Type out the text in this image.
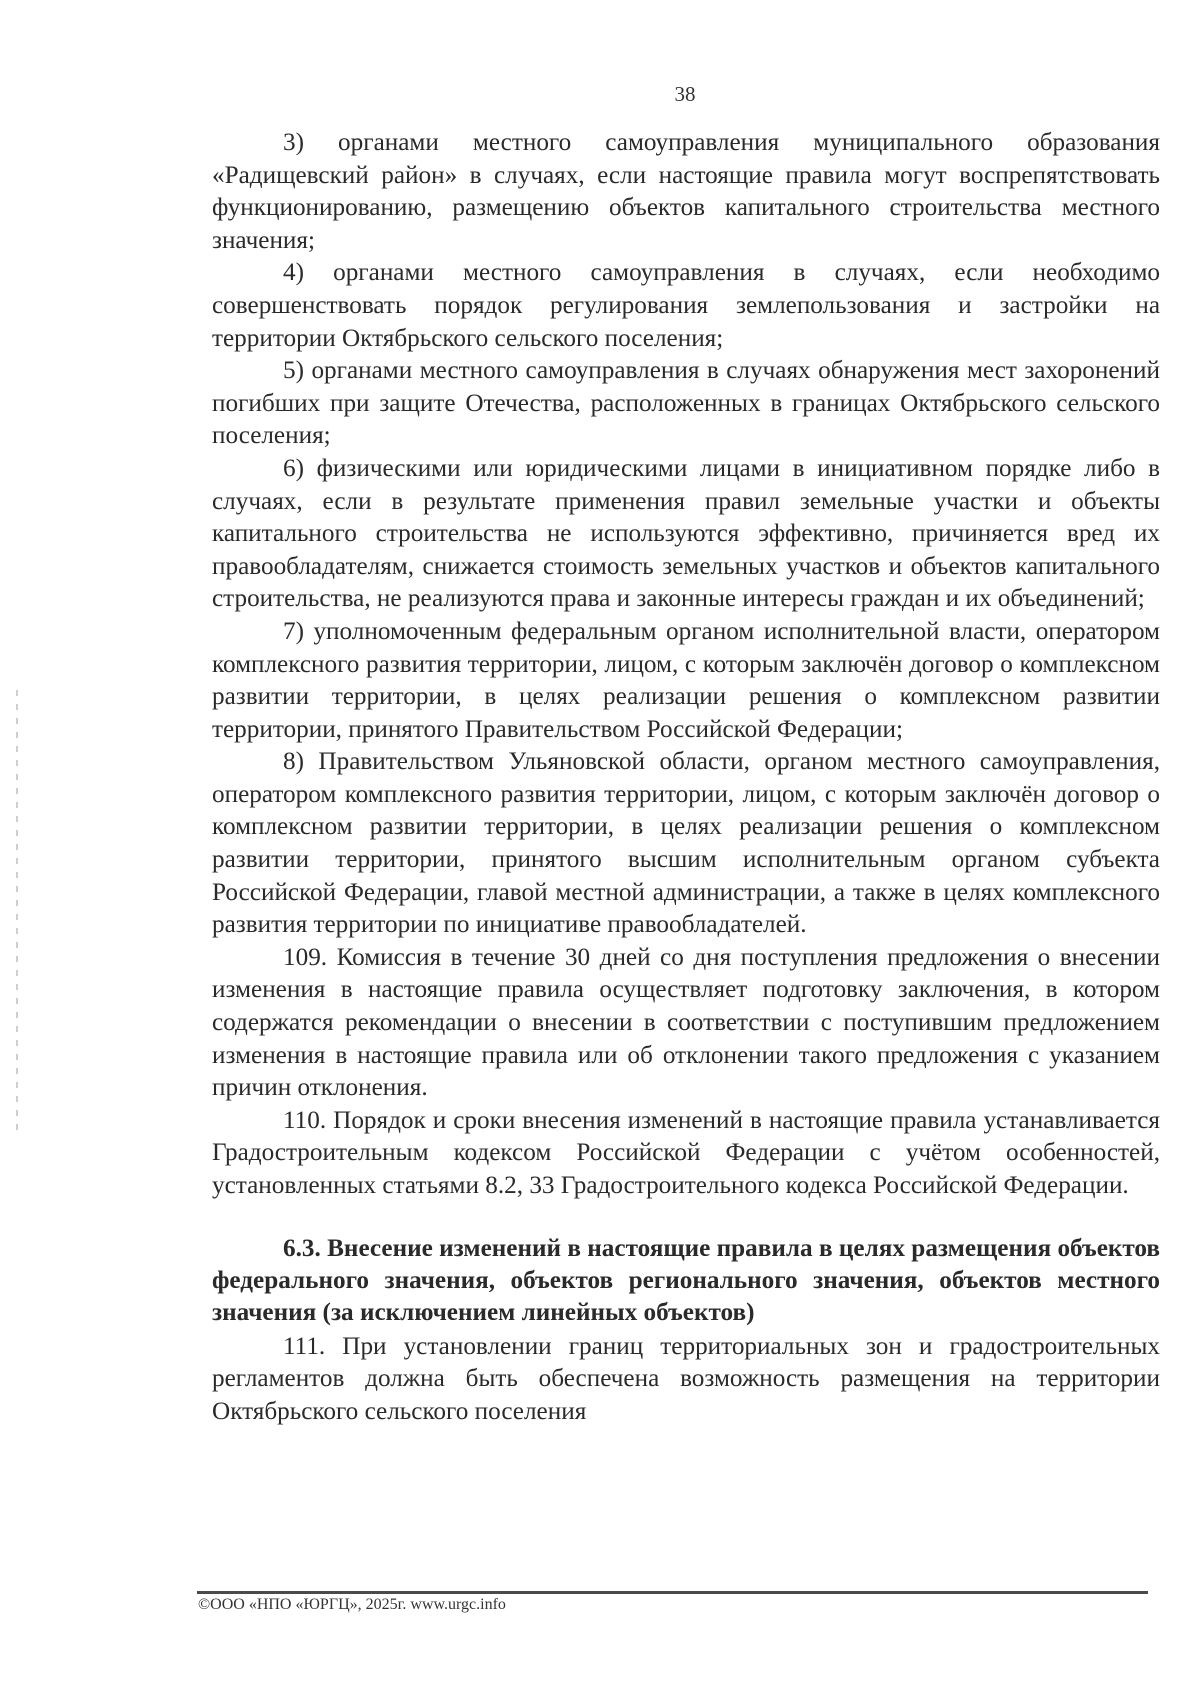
38

3) органами местного самоуправления муниципального образования «Радищевский район» в случаях, если настоящие правила могут воспрепятствовать функционированию, размещению объектов капитального строительства местного значения;

4) органами местного самоуправления в случаях, если необходимо совершенствовать порядок регулирования землепользования и застройки на территории Октябрьского сельского поселения;

5) органами местного самоуправления в случаях обнаружения мест захоронений погибших при защите Отечества, расположенных в границах Октябрьского сельского поселения;

6) физическими или юридическими лицами в инициативном порядке либо в случаях, если в результате применения правил земельные участки и объекты капитального строительства не используются эффективно, причиняется вред их правообладателям, снижается стоимость земельных участков и объектов капитального строительства, не реализуются права и законные интересы граждан и их объединений;

7) уполномоченным федеральным органом исполнительной власти, оператором комплексного развития территории, лицом, с которым заключён договор о комплексном развитии территории, в целях реализации решения о комплексном развитии территории, принятого Правительством Российской Федерации;

8) Правительством Ульяновской области, органом местного самоуправления, оператором комплексного развития территории, лицом, с которым заключён договор о комплексном развитии территории, в целях реализации решения о комплексном развитии территории, принятого высшим исполнительным органом субъекта Российской Федерации, главой местной администрации, а также в целях комплексного развития территории по инициативе правообладателей.

109. Комиссия в течение 30 дней со дня поступления предложения о внесении изменения в настоящие правила осуществляет подготовку заключения, в котором содержатся рекомендации о внесении в соответствии с поступившим предложением изменения в настоящие правила или об отклонении такого предложения с указанием причин отклонения.

110. Порядок и сроки внесения изменений в настоящие правила устанавливается Градостроительным кодексом Российской Федерации с учётом особенностей, установленных статьями 8.2, 33 Градостроительного кодекса Российской Федерации.

6.3. Внесение изменений в настоящие правила в целях размещения объектов федерального значения, объектов регионального значения, объектов местного значения (за исключением линейных объектов)

111. При установлении границ территориальных зон и градостроительных регламентов должна быть обеспечена возможность размещения на территории Октябрьского сельского поселения

©ООО «НПО «ЮРГЦ», 2025г. www.urgc.info
